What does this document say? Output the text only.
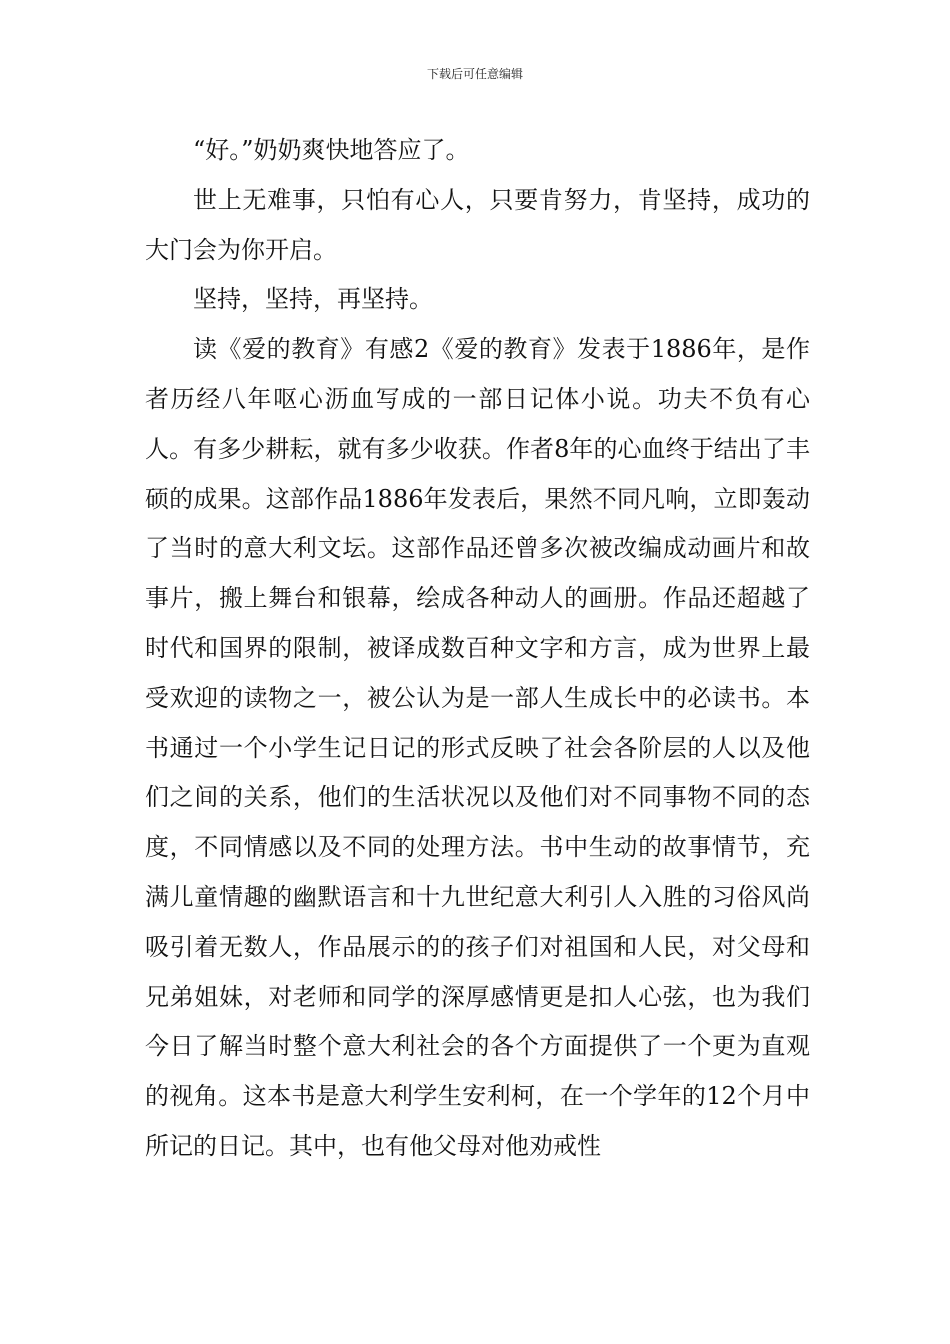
下载后可任意编辑

“好。”奶奶爽快地答应了。

世上无难事，只怕有心人，只要肯努力，肯坚持，成功的大门会为你开启。

坚持，坚持，再坚持。

读《爱的教育》有感2《爱的教育》发表于1886年，是作者历经八年呕心沥血写成的一部日记体小说。功夫不负有心人。有多少耕耘，就有多少收获。作者8年的心血终于结出了丰硕的成果。这部作品1886年发表后，果然不同凡响，立即轰动了当时的意大利文坛。这部作品还曾多次被改编成动画片和故事片，搬上舞台和银幕，绘成各种动人的画册。作品还超越了时代和国界的限制，被译成数百种文字和方言，成为世界上最受欢迎的读物之一，被公认为是一部人生成长中的必读书。本书通过一个小学生记日记的形式反映了社会各阶层的人以及他们之间的关系，他们的生活状况以及他们对不同事物不同的态度，不同情感以及不同的处理方法。书中生动的故事情节，充满儿童情趣的幽默语言和十九世纪意大利引人入胜的习俗风尚吸引着无数人，作品展示的的孩子们对祖国和人民，对父母和兄弟姐妹，对老师和同学的深厚感情更是扣人心弦，也为我们今日了解当时整个意大利社会的各个方面提供了一个更为直观的视角。这本书是意大利学生安利柯，在一个学年的12个月中所记的日记。其中，也有他父母对他劝戒性
